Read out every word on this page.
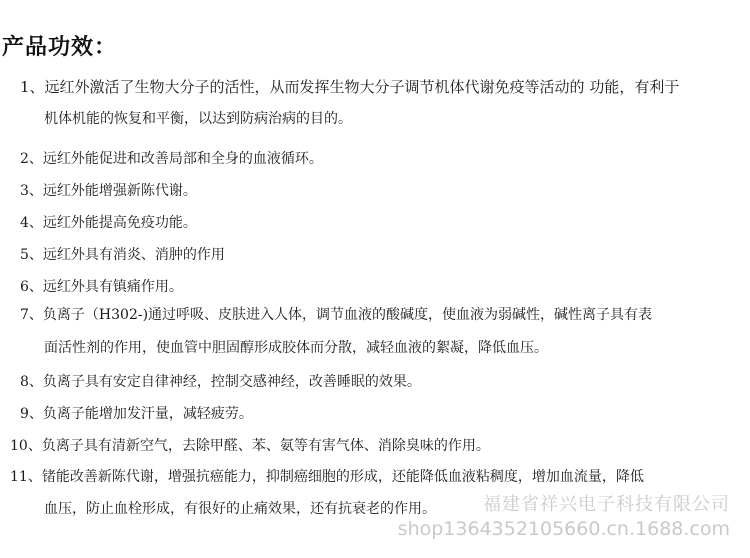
产品功效：
1、远红外激活了生物大分子的活性，从而发挥生物大分子调节机体代谢免疫等活动的 功能，有利于
机体机能的恢复和平衡，以达到防病治病的目的。
2、远红外能促进和改善局部和全身的血液循环。
3、远红外能增强新陈代谢。
4、远红外能提高免疫功能。
5、远红外具有消炎、消肿的作用
6、远红外具有镇痛作用。
7、负离子（H302-)通过呼吸、皮肤进入人体，调节血液的酸碱度，使血液为弱碱性，碱性离子具有表
面活性剂的作用，使血管中胆固醇形成胶体而分散，减轻血液的絮凝，降低血压。
8、负离子具有安定自律神经，控制交感神经，改善睡眠的效果。
9、负离子能增加发汗量，减轻疲劳。
10、负离子具有清新空气，去除甲醛、苯、氨等有害气体、消除臭味的作用。
11、锗能改善新陈代谢，增强抗癌能力，抑制癌细胞的形成，还能降低血液粘稠度，增加血流量，降低
血压，防止血栓形成，有很好的止痛效果，还有抗衰老的作用。	福建省祥兴电子科技有限公司
shop1364352105660.cn.1688.com
